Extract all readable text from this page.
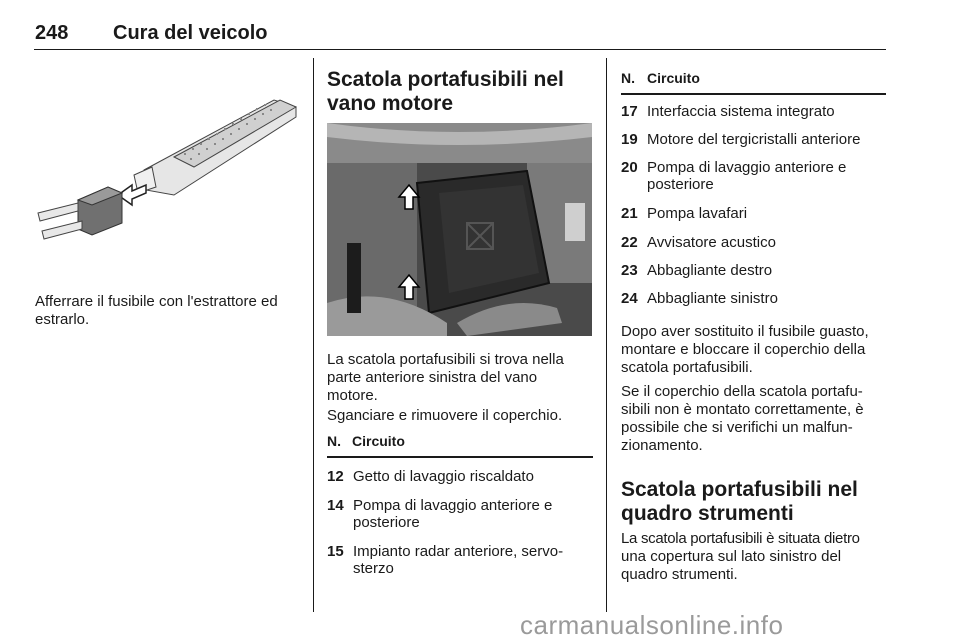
248 Cura del veicolo
Afferrare il fusibile con l'estrattore ed estrarlo.
Scatola portafusibili nel
vano motore
La scatola portafusibili si trova nella
parte anteriore sinistra del vano
motore.
Sganciare e rimuovere il coperchio.
N. Circuito
12 Getto di lavaggio riscaldato
14 Pompa di lavaggio anteriore e
posteriore
15 Impianto radar anteriore, servo-
sterzo
N. Circuito
17 Interfaccia sistema integrato
19 Motore del tergicristalli anteriore
20 Pompa di lavaggio anteriore e
posteriore
21 Pompa lavafari
22 Avvisatore acustico
23 Abbagliante destro
24 Abbagliante sinistro
Dopo aver sostituito il fusibile guasto,
montare e bloccare il coperchio della
scatola portafusibili.
Se il coperchio della scatola portafu-
sibili non è montato correttamente, è
possibile che si verifichi un malfun-
zionamento.
Scatola portafusibili nel
quadro strumenti
La scatola portafusibili è situata dietro
una copertura sul lato sinistro del
quadro strumenti.
carmanualsonline.info
